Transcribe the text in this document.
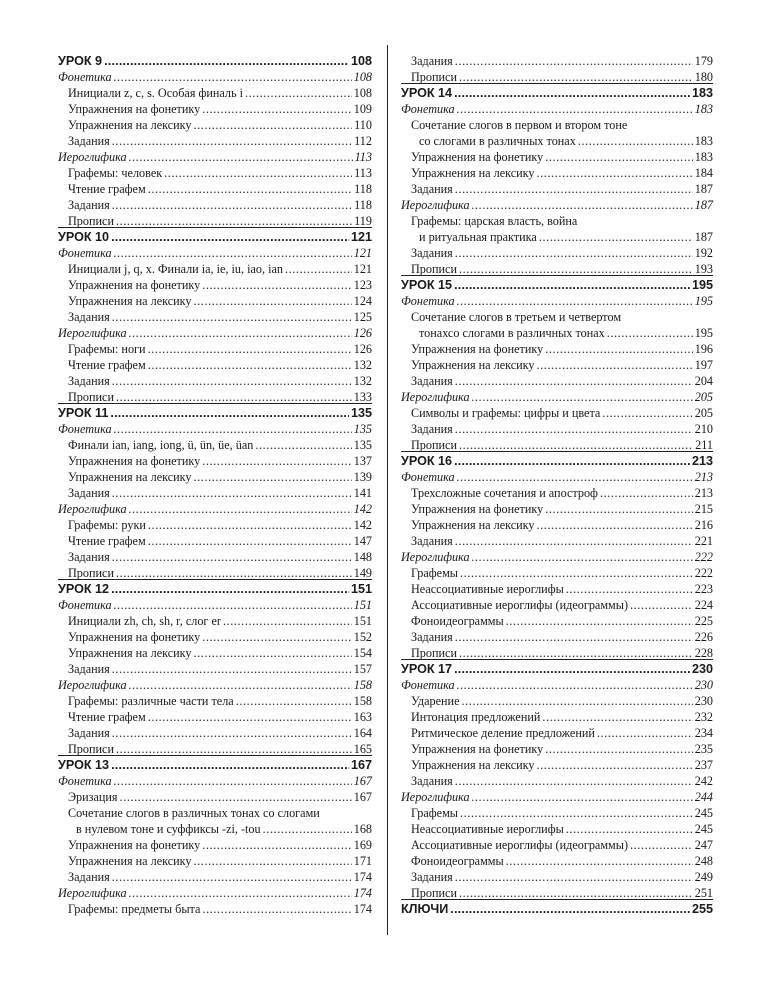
УРОК 9 .....	108
Фонетика .....	108
Инициали z, c, s. Особая финаль i .....	108
Упражнения на фонетику .....	109
Упражнения на лексику .....	110
Задания .....	112
Иероглифика .....	113
Графемы: человек .....	113
Чтение графем .....	118
Задания .....	118
Прописи .....	119
УРОК 10 .....	121
Фонетика .....	121
Инициали j, q, x. Финали ia, ie, iu, iao, ian .....	121
Упражнения на фонетику .....	123
Упражнения на лексику .....	124
Задания .....	125
Иероглифика .....	126
Графемы: ноги .....	126
Чтение графем .....	132
Задания .....	132
Прописи .....	133
УРОК 11 .....	135
Фонетика .....	135
Финали ian, iang, iong, ü, ün, üe, üan .....	135
Упражнения на фонетику .....	137
Упражнения на лексику .....	139
Задания .....	141
Иероглифика .....	142
Графемы: руки .....	142
Чтение графем .....	147
Задания .....	148
Прописи .....	149
УРОК 12 .....	151
Фонетика .....	151
Инициали zh, ch, sh, r, слог er .....	151
Упражнения на фонетику .....	152
Упражнения на лексику .....	154
Задания .....	157
Иероглифика .....	158
Графемы: различные части тела .....	158
Чтение графем .....	163
Задания .....	164
Прописи .....	165
УРОК 13 .....	167
Фонетика .....	167
Эризация .....	167
Сочетание слогов в различных тонах со слогами
в нулевом тоне и суффиксы -zi, -tou .....	168
Упражнения на фонетику .....	169
Упражнения на лексику .....	171
Задания .....	174
Иероглифика .....	174
Графемы: предметы быта .....	174
Задания .....	179
Прописи .....	180
УРОК 14 .....	183
Фонетика .....	183
Сочетание слогов в первом и втором тоне
со слогами в различных тонах .....	183
Упражнения на фонетику .....	183
Упражнения на лексику .....	184
Задания .....	187
Иероглифика .....	187
Графемы: царская власть, война
и ритуальная практика .....	187
Задания .....	192
Прописи .....	193
УРОК 15 .....	195
Фонетика .....	195
Сочетание слогов в третьем и четвертом
тонахсо слогами в различных тонах .....	195
Упражнения на фонетику .....	196
Упражнения на лексику .....	197
Задания .....	204
Иероглифика .....	205
Символы и графемы: цифры и цвета .....	205
Задания .....	210
Прописи .....	211
УРОК 16 .....	213
Фонетика .....	213
Трехсложные сочетания и апостроф .....	213
Упражнения на фонетику .....	215
Упражнения на лексику .....	216
Задания .....	221
Иероглифика .....	222
Графемы .....	222
Неассоциативные иероглифы .....	223
Ассоциативные иероглифы (идеограммы) .....	224
Фоноидеограммы .....	225
Задания .....	226
Прописи .....	228
УРОК 17 .....	230
Фонетика .....	230
Ударение .....	230
Интонация предложений .....	232
Ритмическое деление предложений .....	234
Упражнения на фонетику .....	235
Упражнения на лексику .....	237
Задания .....	242
Иероглифика .....	244
Графемы .....	245
Неассоциативные иероглифы .....	245
Ассоциативные иероглифы (идеограммы) .....	247
Фоноидеограммы .....	248
Задания .....	249
Прописи .....	251
КЛЮЧИ .....	255
